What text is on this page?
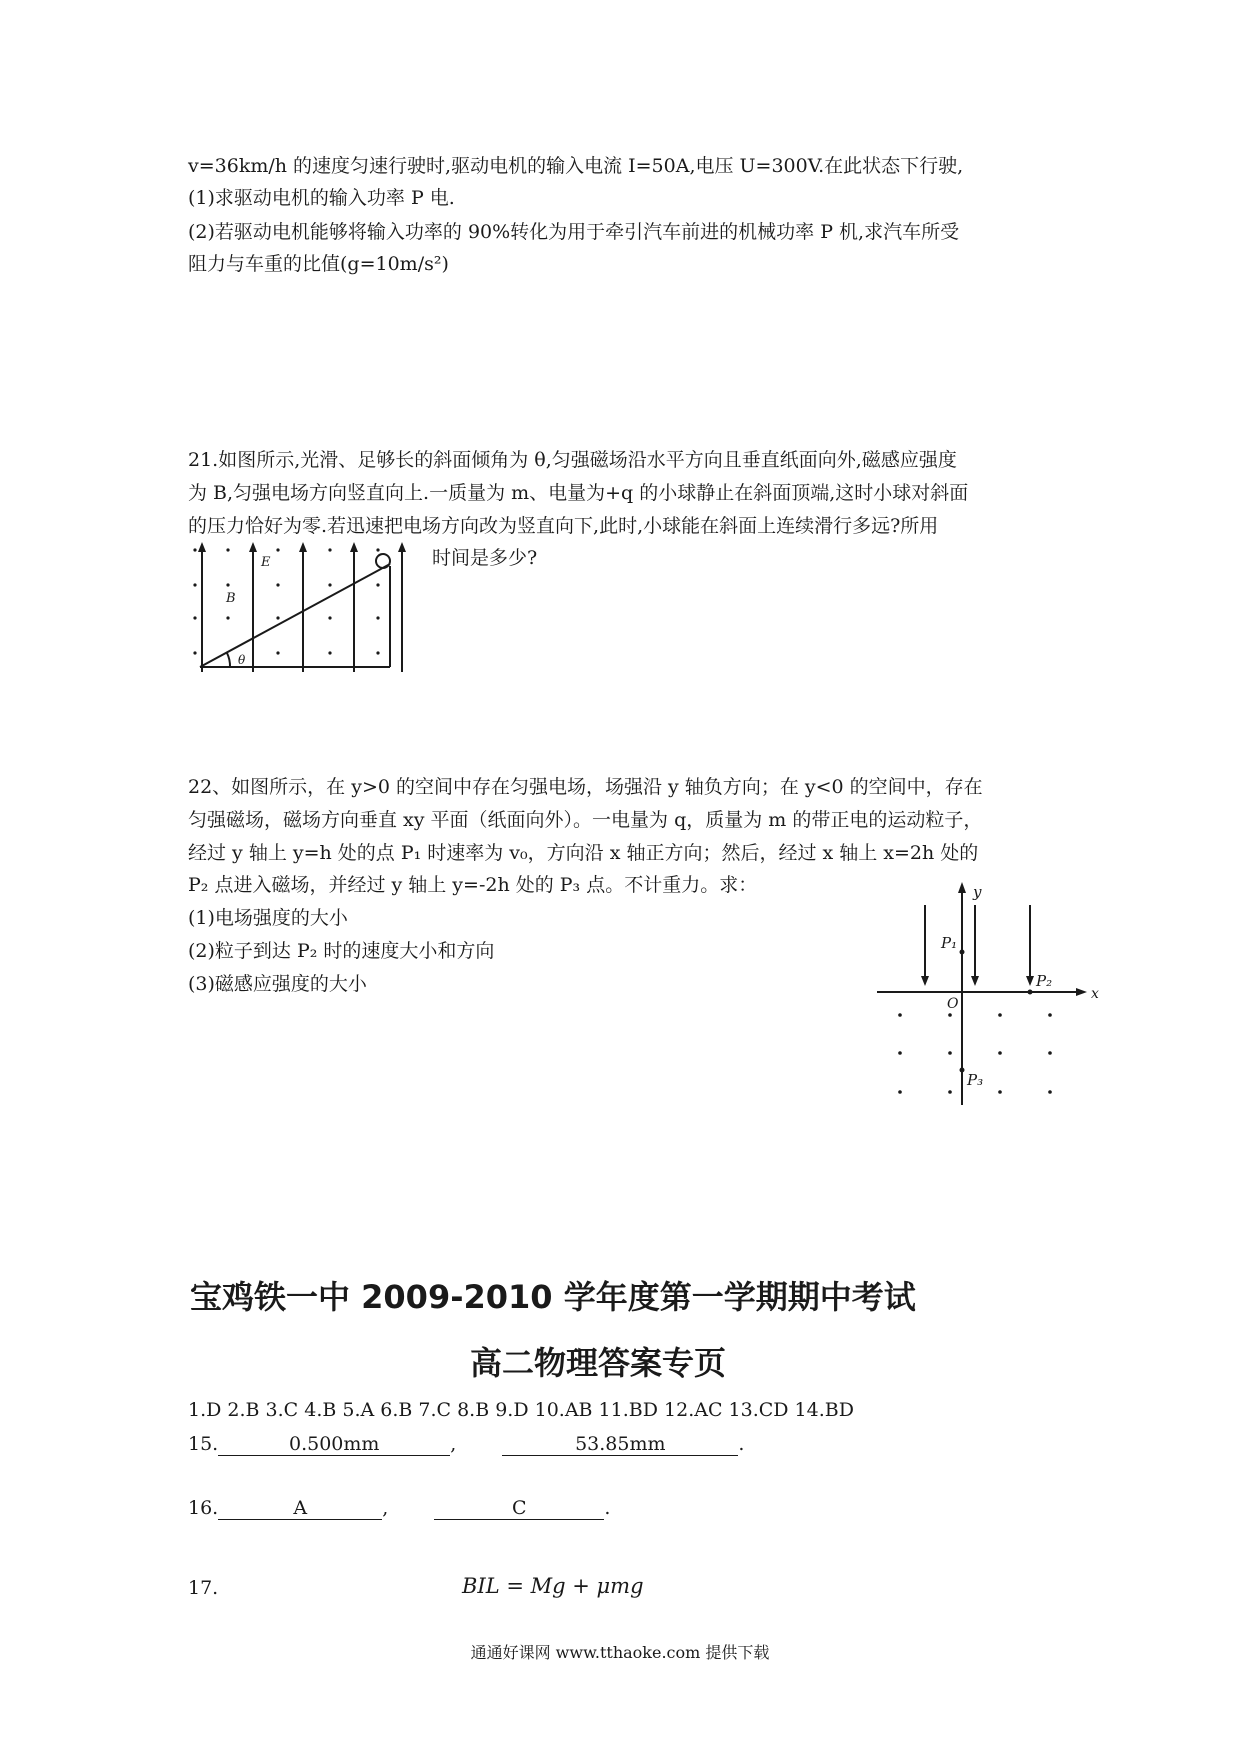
v=36km/h 的速度匀速行驶时,驱动电机的输入电流 I=50A,电压 U=300V.在此状态下行驶,
(1)求驱动电机的输入功率 P 电.
(2)若驱动电机能够将输入功率的 90%转化为用于牵引汽车前进的机械功率 P 机,求汽车所受
阻力与车重的比值(g=10m/s²)
21.如图所示,光滑、足够长的斜面倾角为 θ,匀强磁场沿水平方向且垂直纸面向外,磁感应强度
为 B,匀强电场方向竖直向上.一质量为 m、电量为+q 的小球静止在斜面顶端,这时小球对斜面
的压力恰好为零.若迅速把电场方向改为竖直向下,此时,小球能在斜面上连续滑行多远?所用
时间是多少?
E
B
θ
22、如图所示，在 y>0 的空间中存在匀强电场，场强沿 y 轴负方向；在 y<0 的空间中，存在
匀强磁场，磁场方向垂直 xy 平面（纸面向外）。一电量为 q，质量为 m 的带正电的运动粒子，
经过 y 轴上 y=h 处的点 P₁ 时速率为 v₀，方向沿 x 轴正方向；然后，经过 x 轴上 x=2h 处的
P₂ 点进入磁场，并经过 y 轴上 y=-2h 处的 P₃ 点。不计重力。求：
(1)电场强度的大小
(2)粒子到达 P₂ 时的速度大小和方向
(3)磁感应强度的大小
y
x
O
P₁
P₂
P₃
宝鸡铁一中 2009-2010 学年度第一学期期中考试
高二物理答案专页
1.D 2.B 3.C 4.B 5.A 6.B 7.C 8.B 9.D 10.AB 11.BD 12.AC 13.CD 14.BD
15.	0.500mm	,	53.85mm	.
16.	A	,	C	.
17.	BIL = Mg + μmg
通通好课网 www.tthaoke.com 提供下载
